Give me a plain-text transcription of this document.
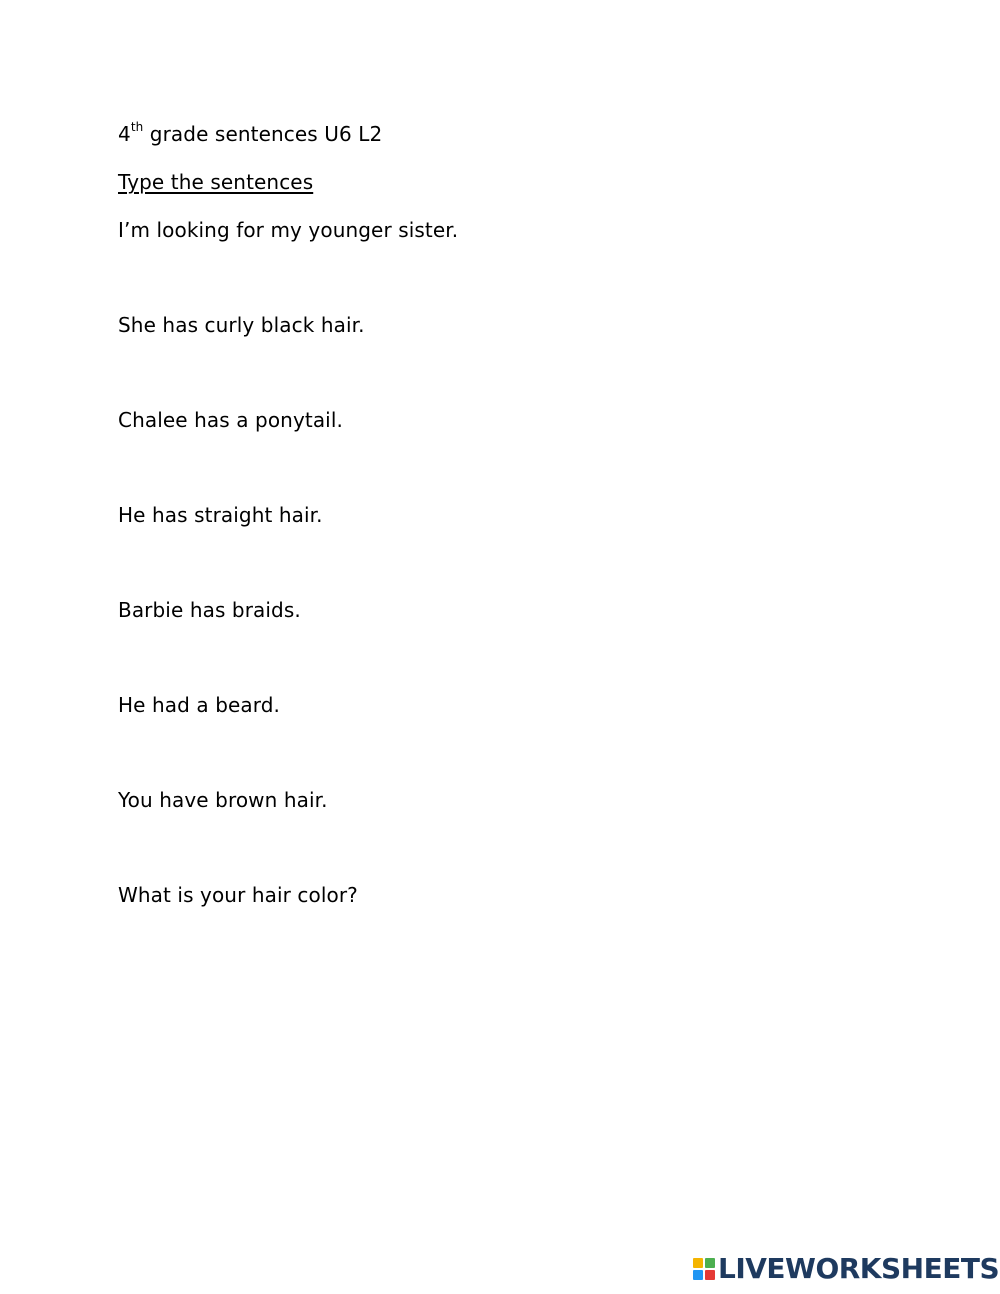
4th grade sentences U6 L2
Type the sentences
I’m looking for my younger sister.
She has curly black hair.
Chalee has a ponytail.
He has straight hair.
Barbie has braids.
He had a beard.
You have brown hair.
What is your hair color?
LIVEWORKSHEETS
